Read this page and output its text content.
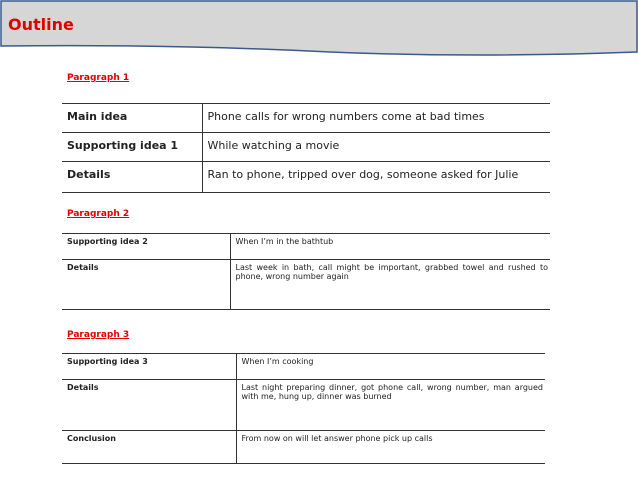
Outline
Paragraph 1
Main idea	Phone calls for wrong numbers come at bad times
Supporting idea 1	While watching a movie
Details	Ran to phone, tripped over dog, someone asked for Julie
Paragraph 2
Supporting idea 2	When I’m in the bathtub
Details	Last week in bath, call might be important, grabbed towel and rushed to phone, wrong number again
Paragraph 3
Supporting idea 3	When I’m cooking
Details	Last night preparing dinner, got phone call, wrong number, man argued with me, hung up, dinner was burned
Conclusion	From now on will let answer phone pick up calls
